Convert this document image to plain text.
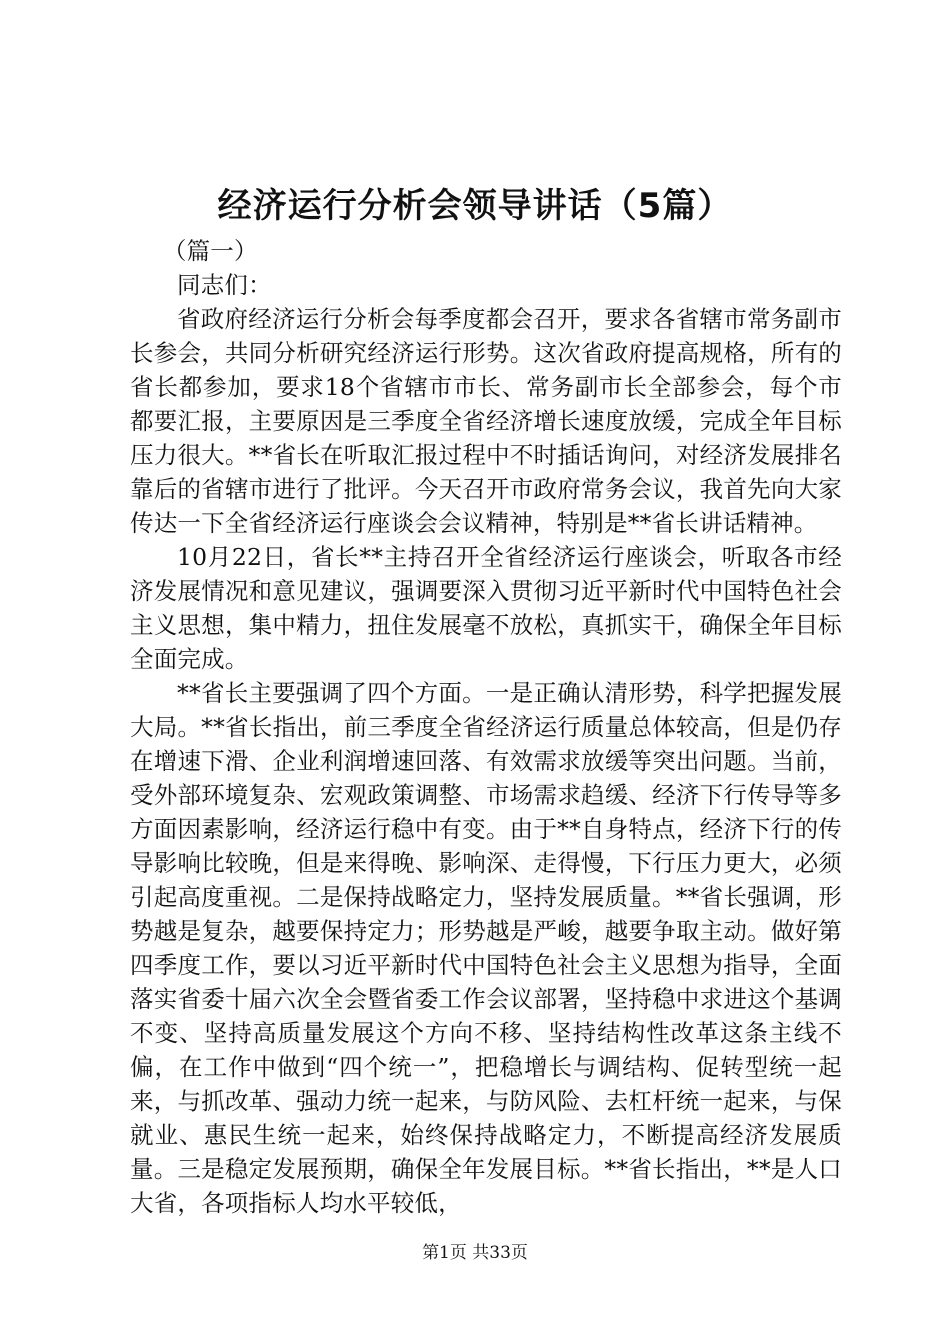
经济运行分析会领导讲话（5篇）

（篇一）

同志们：

省政府经济运行分析会每季度都会召开，要求各省辖市常务副市长参会，共同分析研究经济运行形势。这次省政府提高规格，所有的省长都参加，要求18个省辖市市长、常务副市长全部参会，每个市都要汇报，主要原因是三季度全省经济增长速度放缓，完成全年目标压力很大。**省长在听取汇报过程中不时插话询问，对经济发展排名靠后的省辖市进行了批评。今天召开市政府常务会议，我首先向大家传达一下全省经济运行座谈会会议精神，特别是**省长讲话精神。

10月22日，省长**主持召开全省经济运行座谈会，听取各市经济发展情况和意见建议，强调要深入贯彻习近平新时代中国特色社会主义思想，集中精力，扭住发展毫不放松，真抓实干，确保全年目标全面完成。

**省长主要强调了四个方面。一是正确认清形势，科学把握发展大局。**省长指出，前三季度全省经济运行质量总体较高，但是仍存在增速下滑、企业利润增速回落、有效需求放缓等突出问题。当前，受外部环境复杂、宏观政策调整、市场需求趋缓、经济下行传导等多方面因素影响，经济运行稳中有变。由于**自身特点，经济下行的传导影响比较晚，但是来得晚、影响深、走得慢，下行压力更大，必须引起高度重视。二是保持战略定力，坚持发展质量。**省长强调，形势越是复杂，越要保持定力；形势越是严峻，越要争取主动。做好第四季度工作，要以习近平新时代中国特色社会主义思想为指导，全面落实省委十届六次全会暨省委工作会议部署，坚持稳中求进这个基调不变、坚持高质量发展这个方向不移、坚持结构性改革这条主线不偏，在工作中做到“四个统一”，把稳增长与调结构、促转型统一起来，与抓改革、强动力统一起来，与防风险、去杠杆统一起来，与保就业、惠民生统一起来，始终保持战略定力，不断提高经济发展质量。三是稳定发展预期，确保全年发展目标。**省长指出，**是人口大省，各项指标人均水平较低，

第1页 共33页
